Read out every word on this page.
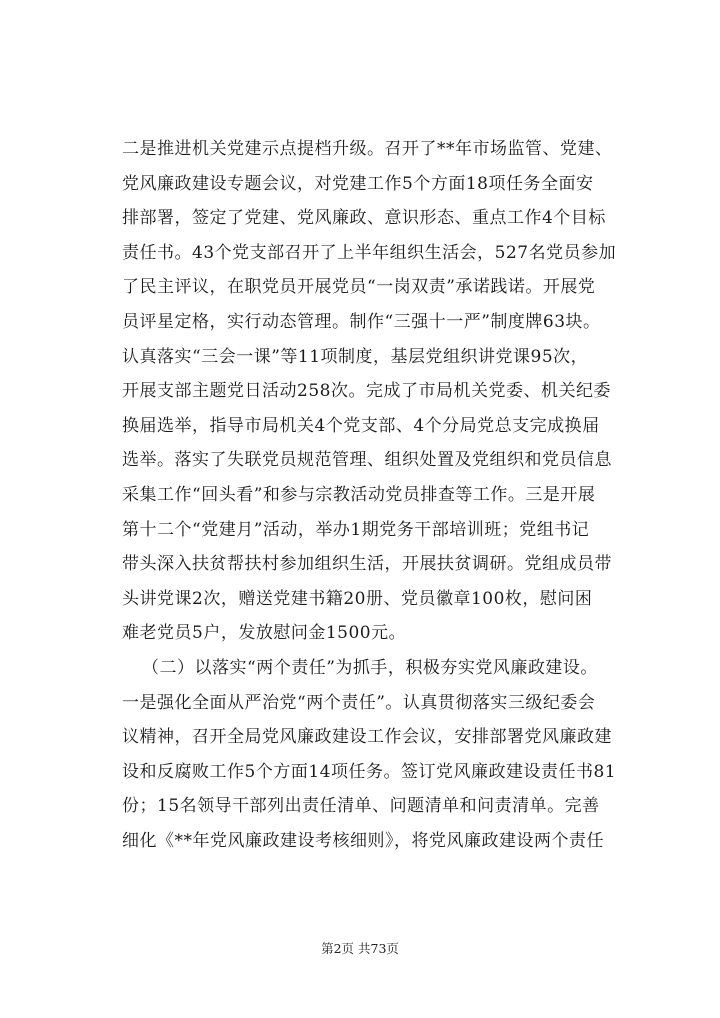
二是推进机关党建示点提档升级。召开了**年市场监管、党建、
党风廉政建设专题会议，对党建工作5个方面18项任务全面安
排部署，签定了党建、党风廉政、意识形态、重点工作4个目标
责任书。43个党支部召开了上半年组织生活会，527名党员参加
了民主评议，在职党员开展党员“一岗双责”承诺践诺。开展党
员评星定格，实行动态管理。制作“三强十一严”制度牌63块。
认真落实“三会一课”等11项制度，基层党组织讲党课95次，
开展支部主题党日活动258次。完成了市局机关党委、机关纪委
换届选举，指导市局机关4个党支部、4个分局党总支完成换届
选举。落实了失联党员规范管理、组织处置及党组织和党员信息
采集工作“回头看”和参与宗教活动党员排查等工作。三是开展
第十二个“党建月”活动，举办1期党务干部培训班；党组书记
带头深入扶贫帮扶村参加组织生活，开展扶贫调研。党组成员带
头讲党课2次，赠送党建书籍20册、党员徽章100枚，慰问困
难老党员5户，发放慰问金1500元。
（二）以落实“两个责任”为抓手，积极夯实党风廉政建设。
一是强化全面从严治党“两个责任”。认真贯彻落实三级纪委会
议精神，召开全局党风廉政建设工作会议，安排部署党风廉政建
设和反腐败工作5个方面14项任务。签订党风廉政建设责任书81
份；15名领导干部列出责任清单、问题清单和问责清单。完善
细化《**年党风廉政建设考核细则》，将党风廉政建设两个责任
第2页 共73页
